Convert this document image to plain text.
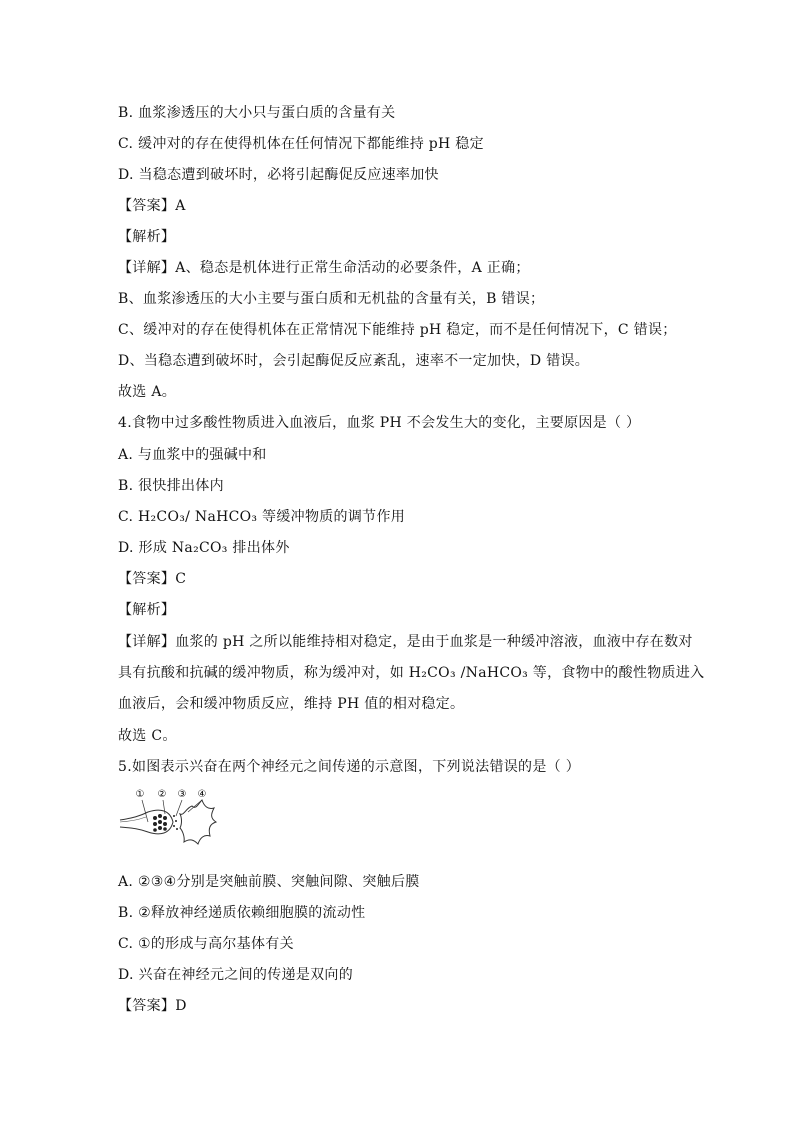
B. 血浆渗透压的大小只与蛋白质的含量有关
C. 缓冲对的存在使得机体在任何情况下都能维持 pH 稳定
D. 当稳态遭到破坏时，必将引起酶促反应速率加快
【答案】A
【解析】
【详解】A、稳态是机体进行正常生命活动的必要条件，A 正确；
B、血浆渗透压的大小主要与蛋白质和无机盐的含量有关，B 错误；
C、缓冲对的存在使得机体在正常情况下能维持 pH 稳定，而不是任何情况下，C 错误；
D、当稳态遭到破坏时，会引起酶促反应紊乱，速率不一定加快，D 错误。
故选 A。
4.食物中过多酸性物质进入血液后，血浆 PH 不会发生大的变化，主要原因是（ ）
A. 与血浆中的强碱中和
B. 很快排出体内
C. H₂CO₃/ NaHCO₃ 等缓冲物质的调节作用
D. 形成 Na₂CO₃ 排出体外
【答案】C
【解析】
【详解】血浆的 pH 之所以能维持相对稳定，是由于血浆是一种缓冲溶液，血液中存在数对
具有抗酸和抗碱的缓冲物质，称为缓冲对，如 H₂CO₃ /NaHCO₃ 等，食物中的酸性物质进入
血液后，会和缓冲物质反应，维持 PH 值的相对稳定。
故选 C。
5.如图表示兴奋在两个神经元之间传递的示意图，下列说法错误的是（ ）
① ② ③ ④
A. ②③④分别是突触前膜、突触间隙、突触后膜
B. ②释放神经递质依赖细胞膜的流动性
C. ①的形成与高尔基体有关
D. 兴奋在神经元之间的传递是双向的
【答案】D
